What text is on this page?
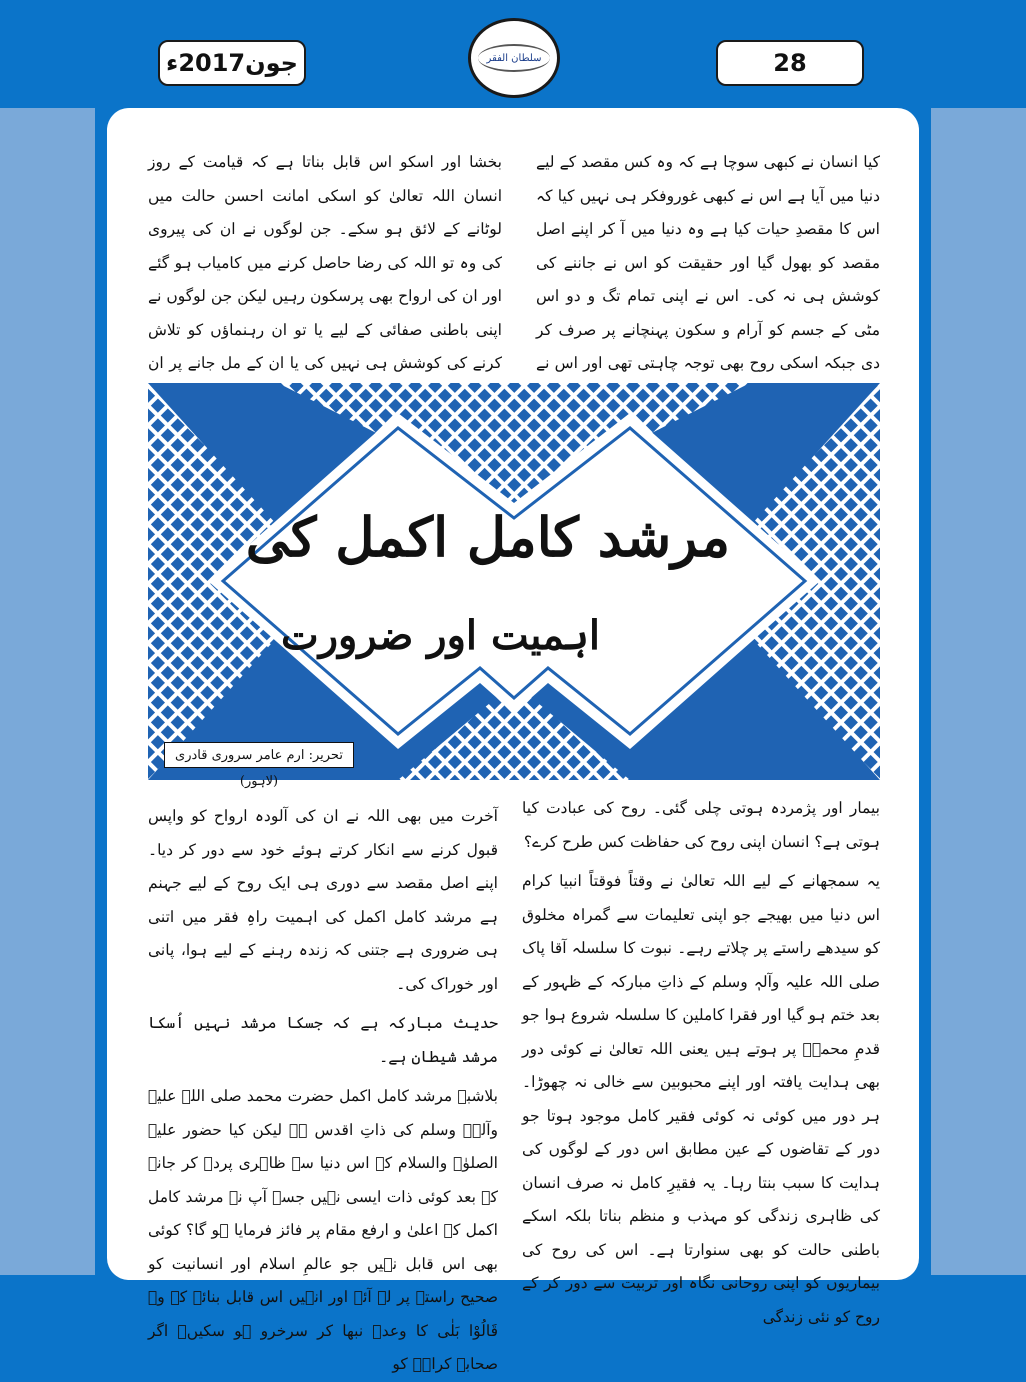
جون2017ء	سلطان الفقر	28

کیا انسان نے کبھی سوچا ہے کہ وہ کس مقصد کے لیے دنیا میں آیا ہے اس نے کبھی غوروفکر ہی نہیں کیا کہ اس کا مقصدِ حیات کیا ہے وہ دنیا میں آ کر اپنے اصل مقصد کو بھول گیا اور حقیقت کو اس نے جاننے کی کوشش ہی نہ کی۔ اس نے اپنی تمام تگ و دو اس مٹی کے جسم کو آرام و سکون پہنچانے پر صرف کر دی جبکہ اسکی روح بھی توجہ چاہتی تھی اور اس نے

بخشا اور اسکو اس قابل بناتا ہے کہ قیامت کے روز انسان اللہ تعالیٰ کو اسکی امانت احسن حالت میں لوٹانے کے لائق ہو سکے۔ جن لوگوں نے ان کی پیروی کی وہ تو اللہ کی رضا حاصل کرنے میں کامیاب ہو گئے اور ان کی ارواح بھی پرسکون رہیں لیکن جن لوگوں نے اپنی باطنی صفائی کے لیے یا تو ان رہنماؤں کو تلاش کرنے کی کوشش ہی نہیں کی یا ان کے مل جانے پر ان

مرشد کامل اکمل کی
اہمیت اور ضرورت
تحریر: ارم عامر سروری قادری (لاہور)

بیمار اور پژمردہ ہوتی چلی گئی۔ روح کی عبادت کیا ہوتی ہے؟ انسان اپنی روح کی حفاظت کس طرح کرے؟

یہ سمجھانے کے لیے اللہ تعالیٰ نے وقتاً فوقتاً انبیا کرام اس دنیا میں بھیجے جو اپنی تعلیمات سے گمراہ مخلوق کو سیدھے راستے پر چلاتے رہے۔ نبوت کا سلسلہ آقا پاک صلی اللہ علیہ وآلہٖ وسلم کے ذاتِ مبارکہ کے ظہور کے بعد ختم ہو گیا اور فقرا کاملین کا سلسلہ شروع ہوا جو قدمِ محمدؐ پر ہوتے ہیں یعنی اللہ تعالیٰ نے کوئی دور بھی ہدایت یافتہ اور اپنے محبوبین سے خالی نہ چھوڑا۔ ہر دور میں کوئی نہ کوئی فقیر کامل موجود ہوتا جو دور کے تقاضوں کے عین مطابق اس دور کے لوگوں کی ہدایت کا سبب بنتا رہا۔ یہ فقیرِ کامل نہ صرف انسان کی ظاہری زندگی کو مہذب و منظم بناتا بلکہ اسکے باطنی حالت کو بھی سنوارتا ہے۔ اس کی روح کی بیماریوں کو اپنی روحانی نگاہ اور تربیت سے دور کر کے روح کو نئی زندگی

آخرت میں بھی اللہ نے ان کی آلودہ ارواح کو واپس قبول کرنے سے انکار کرتے ہوئے خود سے دور کر دیا۔ اپنے اصل مقصد سے دوری ہی ایک روح کے لیے جہنم ہے مرشد کامل اکمل کی اہمیت راہِ فقر میں اتنی ہی ضروری ہے جتنی کہ زندہ رہنے کے لیے ہوا، پانی اور خوراک کی۔

حدیث مبارکہ ہے کہ جسکا مرشد نہیں اُسکا مرشد شیطان ہے۔

بلاشبہ مرشد کامل اکمل حضرت محمد صلی اللہ علیہ وآلہٖ وسلم کی ذاتِ اقدس ہے لیکن کیا حضور علیہ الصلوٰۃ والسلام کے اس دنیا سے ظاہری پردہ کر جانے کے بعد کوئی ذات ایسی نہیں جسے آپ نے مرشد کامل اکمل کے اعلیٰ و ارفع مقام پر فائز فرمایا ہو گا؟ کوئی بھی اس قابل نہیں جو عالمِ اسلام اور انسانیت کو صحیح راستے پر لے آئے اور انہیں اس قابل بنائے کہ وہ قَالُوْا بَلٰی کا وعدہ نبھا کر سرخرو ہو سکیں۔ اگر صحابہ کرامؓ کو
